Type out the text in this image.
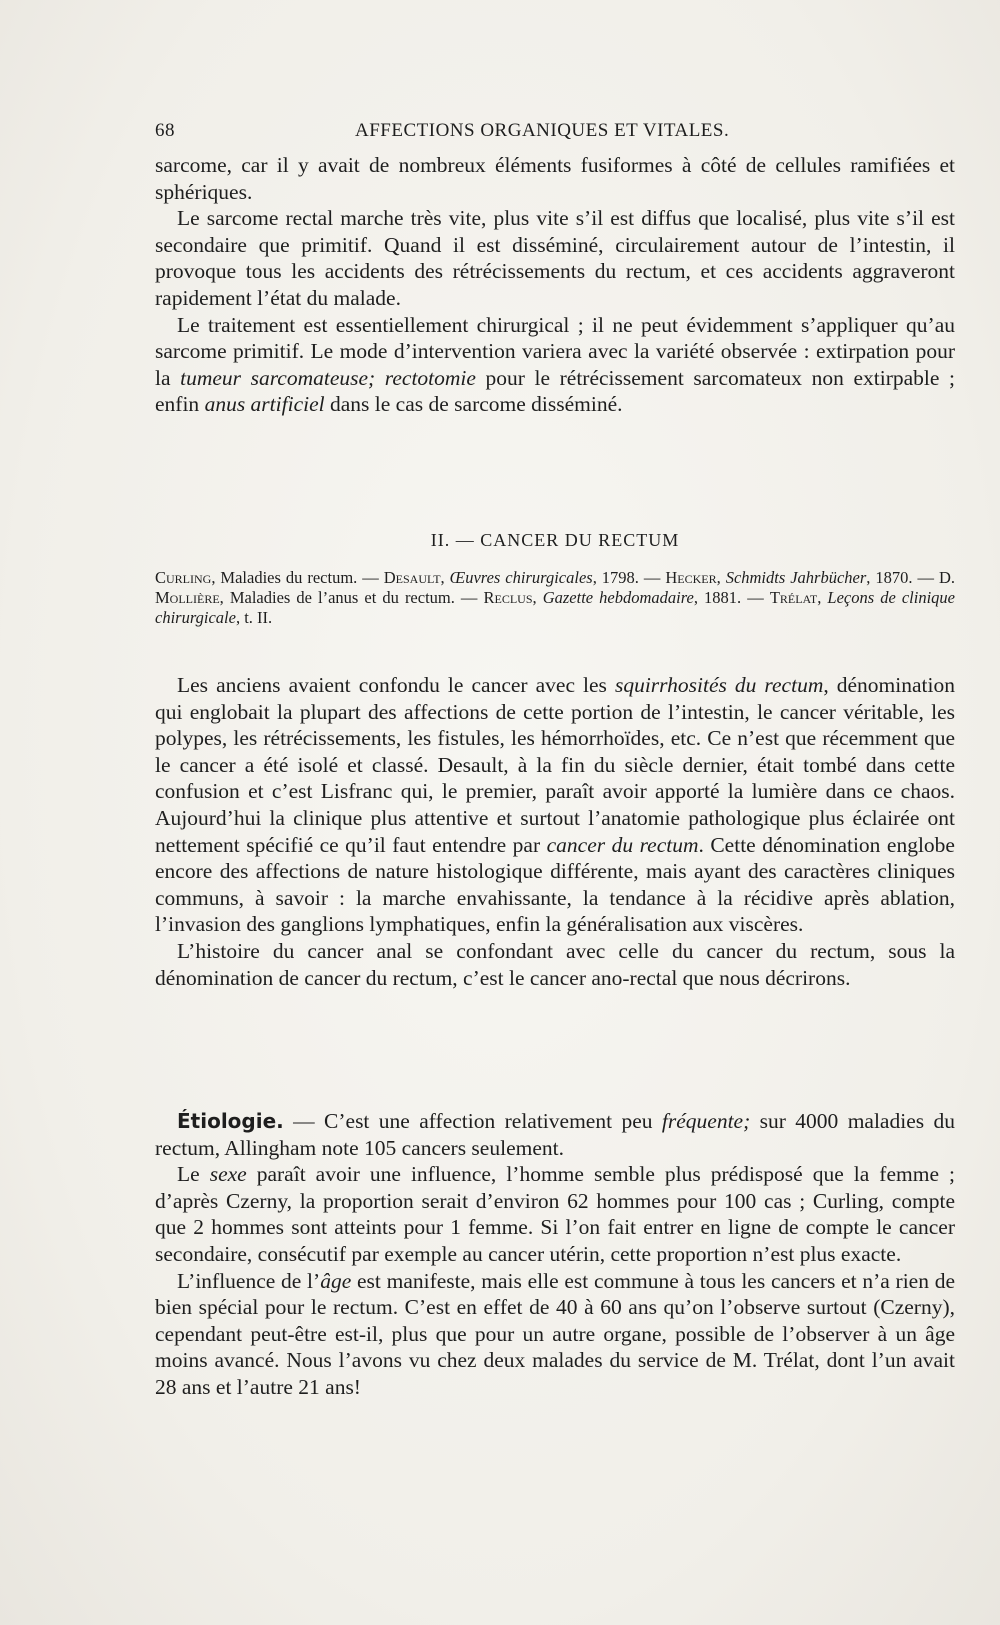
68	AFFECTIONS ORGANIQUES ET VITALES.

sarcome, car il y avait de nombreux éléments fusiformes à côté de cellules ramifiées et sphériques.

Le sarcome rectal marche très vite, plus vite s’il est diffus que localisé, plus vite s’il est secondaire que primitif. Quand il est disséminé, circulairement autour de l’intestin, il provoque tous les accidents des rétrécissements du rectum, et ces accidents aggraveront rapidement l’état du malade.

Le traitement est essentiellement chirurgical ; il ne peut évidemment s’appliquer qu’au sarcome primitif. Le mode d’intervention variera avec la variété observée : extirpation pour la tumeur sarcomateuse; rectotomie pour le rétrécissement sarcomateux non extirpable ; enfin anus artificiel dans le cas de sarcome disséminé.

II. — CANCER DU RECTUM

Curling, Maladies du rectum. — Desault, Œuvres chirurgicales, 1798. — Hecker, Schmidts Jahrbücher, 1870. — D. Mollière, Maladies de l’anus et du rectum. — Reclus, Gazette hebdomadaire, 1881. — Trélat, Leçons de clinique chirurgicale, t. II.

Les anciens avaient confondu le cancer avec les squirrhosités du rectum, dénomination qui englobait la plupart des affections de cette portion de l’intestin, le cancer véritable, les polypes, les rétrécissements, les fistules, les hémorrhoïdes, etc. Ce n’est que récemment que le cancer a été isolé et classé. Desault, à la fin du siècle dernier, était tombé dans cette confusion et c’est Lisfranc qui, le premier, paraît avoir apporté la lumière dans ce chaos. Aujourd’hui la clinique plus attentive et surtout l’anatomie pathologique plus éclairée ont nettement spécifié ce qu’il faut entendre par cancer du rectum. Cette dénomination englobe encore des affections de nature histologique différente, mais ayant des caractères cliniques communs, à savoir : la marche envahissante, la tendance à la récidive après ablation, l’invasion des ganglions lymphatiques, enfin la généralisation aux viscères.

L’histoire du cancer anal se confondant avec celle du cancer du rectum, sous la dénomination de cancer du rectum, c’est le cancer ano-rectal que nous décrirons.

Étiologie. — C’est une affection relativement peu fréquente; sur 4000 maladies du rectum, Allingham note 105 cancers seulement.

Le sexe paraît avoir une influence, l’homme semble plus prédisposé que la femme ; d’après Czerny, la proportion serait d’environ 62 hommes pour 100 cas ; Curling, compte que 2 hommes sont atteints pour 1 femme. Si l’on fait entrer en ligne de compte le cancer secondaire, consécutif par exemple au cancer utérin, cette proportion n’est plus exacte.

L’influence de l’âge est manifeste, mais elle est commune à tous les cancers et n’a rien de bien spécial pour le rectum. C’est en effet de 40 à 60 ans qu’on l’observe surtout (Czerny), cependant peut-être est-il, plus que pour un autre organe, possible de l’observer à un âge moins avancé. Nous l’avons vu chez deux malades du service de M. Trélat, dont l’un avait 28 ans et l’autre 21 ans!
